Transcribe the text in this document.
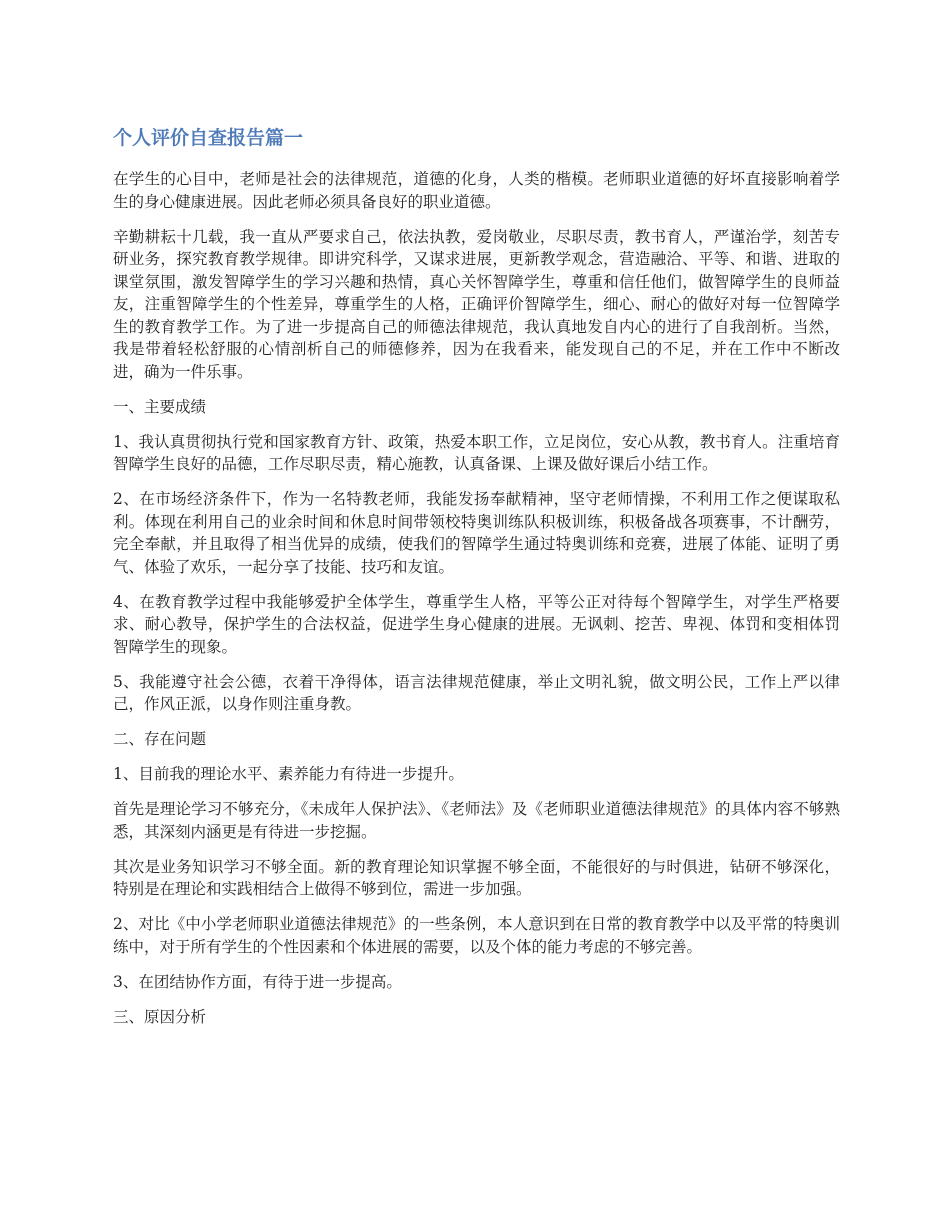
个人评价自查报告篇一

在学生的心目中，老师是社会的法律规范，道德的化身，人类的楷模。老师职业道德的好坏直接影响着学生的身心健康进展。因此老师必须具备良好的职业道德。

辛勤耕耘十几载，我一直从严要求自己，依法执教，爱岗敬业，尽职尽责，教书育人，严谨治学，刻苦专研业务，探究教育教学规律。即讲究科学，又谋求进展，更新教学观念，营造融洽、平等、和谐、进取的课堂氛围，激发智障学生的学习兴趣和热情，真心关怀智障学生，尊重和信任他们，做智障学生的良师益友，注重智障学生的个性差异，尊重学生的人格，正确评价智障学生，细心、耐心的做好对每一位智障学生的教育教学工作。为了进一步提高自己的师德法律规范，我认真地发自内心的进行了自我剖析。当然，我是带着轻松舒服的心情剖析自己的师德修养，因为在我看来，能发现自己的不足，并在工作中不断改进，确为一件乐事。

一、主要成绩

1、我认真贯彻执行党和国家教育方针、政策，热爱本职工作，立足岗位，安心从教，教书育人。注重培育智障学生良好的品德，工作尽职尽责，精心施教，认真备课、上课及做好课后小结工作。

2、在市场经济条件下，作为一名特教老师，我能发扬奉献精神，坚守老师情操，不利用工作之便谋取私利。体现在利用自己的业余时间和休息时间带领校特奥训练队积极训练，积极备战各项赛事，不计酬劳，完全奉献，并且取得了相当优异的成绩，使我们的智障学生通过特奥训练和竞赛，进展了体能、证明了勇气、体验了欢乐，一起分享了技能、技巧和友谊。

4、在教育教学过程中我能够爱护全体学生，尊重学生人格，平等公正对待每个智障学生，对学生严格要求、耐心教导，保护学生的合法权益，促进学生身心健康的进展。无讽刺、挖苦、卑视、体罚和变相体罚智障学生的现象。

5、我能遵守社会公德，衣着干净得体，语言法律规范健康，举止文明礼貌，做文明公民，工作上严以律己，作风正派，以身作则注重身教。

二、存在问题

1、目前我的理论水平、素养能力有待进一步提升。

首先是理论学习不够充分，《未成年人保护法》、《老师法》及《老师职业道德法律规范》的具体内容不够熟悉，其深刻内涵更是有待进一步挖掘。

其次是业务知识学习不够全面。新的教育理论知识掌握不够全面，不能很好的与时俱进，钻研不够深化，特别是在理论和实践相结合上做得不够到位，需进一步加强。

2、对比《中小学老师职业道德法律规范》的一些条例，本人意识到在日常的教育教学中以及平常的特奥训练中，对于所有学生的个性因素和个体进展的需要，以及个体的能力考虑的不够完善。

3、在团结协作方面，有待于进一步提高。

三、原因分析
